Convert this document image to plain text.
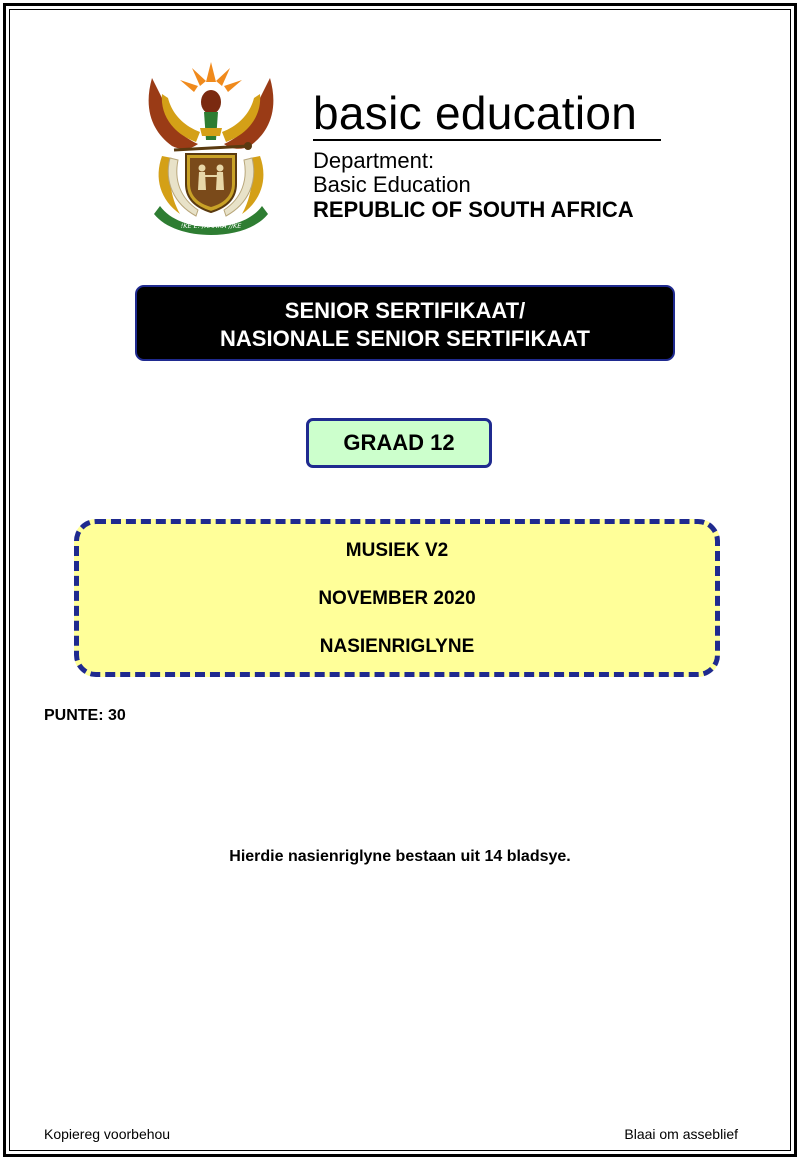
!KE E: /XARRA //KE
basic education
Department:
Basic Education
REPUBLIC OF SOUTH AFRICA
SENIOR SERTIFIKAAT/
NASIONALE SENIOR SERTIFIKAAT
GRAAD 12
MUSIEK V2
NOVEMBER 2020
NASIENRIGLYNE
PUNTE: 30
Hierdie nasienriglyne bestaan uit 14 bladsye.
Kopiereg voorbehou	Blaai om asseblief
